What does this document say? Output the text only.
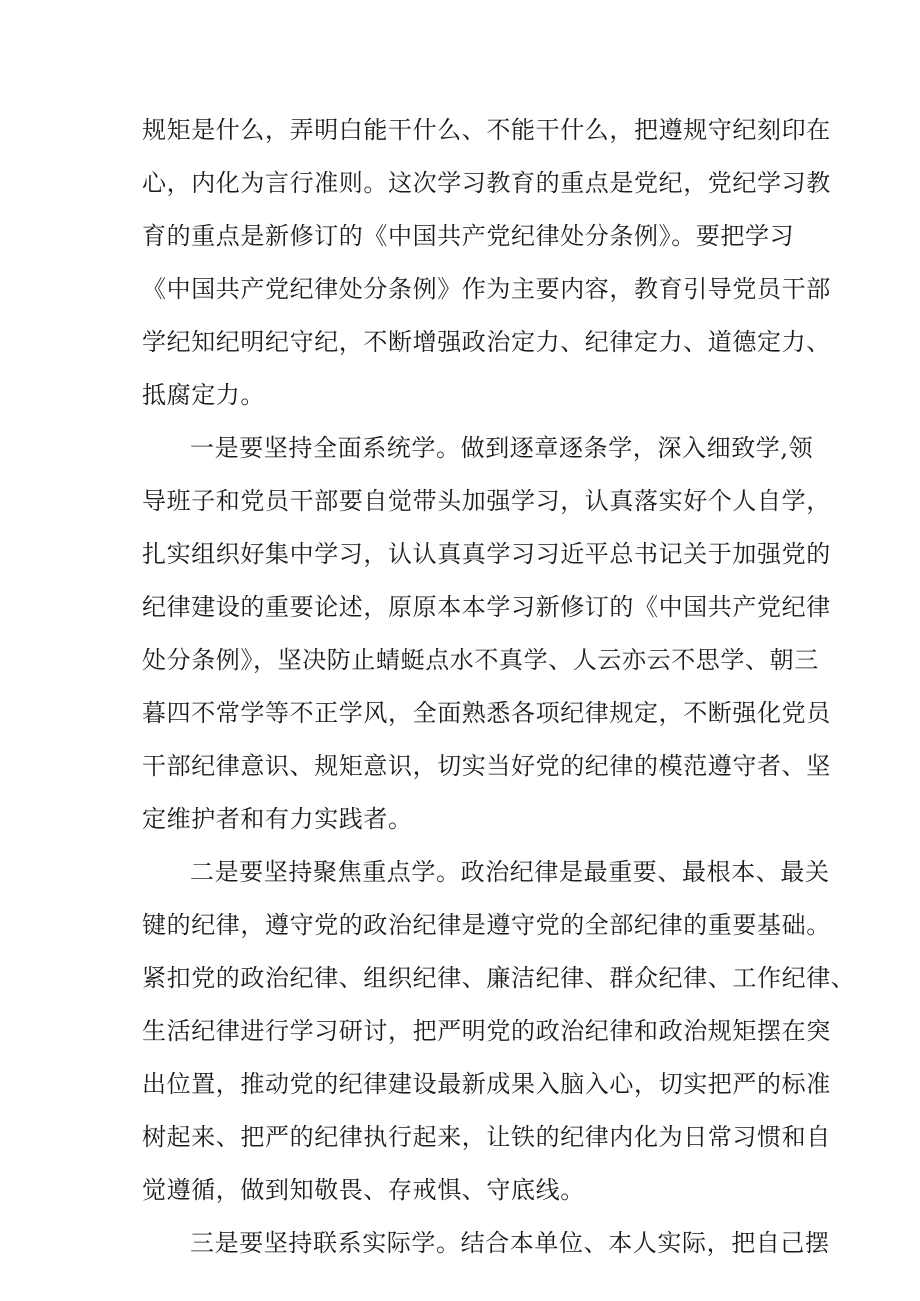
规矩是什么，弄明白能干什么、不能干什么，把遵规守纪刻印在
心，内化为言行准则。这次学习教育的重点是党纪，党纪学习教
育的重点是新修订的《中国共产党纪律处分条例》。要把学习
《中国共产党纪律处分条例》作为主要内容，教育引导党员干部
学纪知纪明纪守纪，不断增强政治定力、纪律定力、道德定力、
抵腐定力。
一是要坚持全面系统学。做到逐章逐条学，深入细致学,领
导班子和党员干部要自觉带头加强学习，认真落实好个人自学，
扎实组织好集中学习，认认真真学习习近平总书记关于加强党的
纪律建设的重要论述，原原本本学习新修订的《中国共产党纪律
处分条例》，坚决防止蜻蜓点水不真学、人云亦云不思学、朝三
暮四不常学等不正学风，全面熟悉各项纪律规定，不断强化党员
干部纪律意识、规矩意识，切实当好党的纪律的模范遵守者、坚
定维护者和有力实践者。
二是要坚持聚焦重点学。政治纪律是最重要、最根本、最关
键的纪律，遵守党的政治纪律是遵守党的全部纪律的重要基础。
紧扣党的政治纪律、组织纪律、廉洁纪律、群众纪律、工作纪律、
生活纪律进行学习研讨，把严明党的政治纪律和政治规矩摆在突
出位置，推动党的纪律建设最新成果入脑入心，切实把严的标准
树起来、把严的纪律执行起来，让铁的纪律内化为日常习惯和自
觉遵循，做到知敬畏、存戒惧、守底线。
三是要坚持联系实际学。结合本单位、本人实际，把自己摆
